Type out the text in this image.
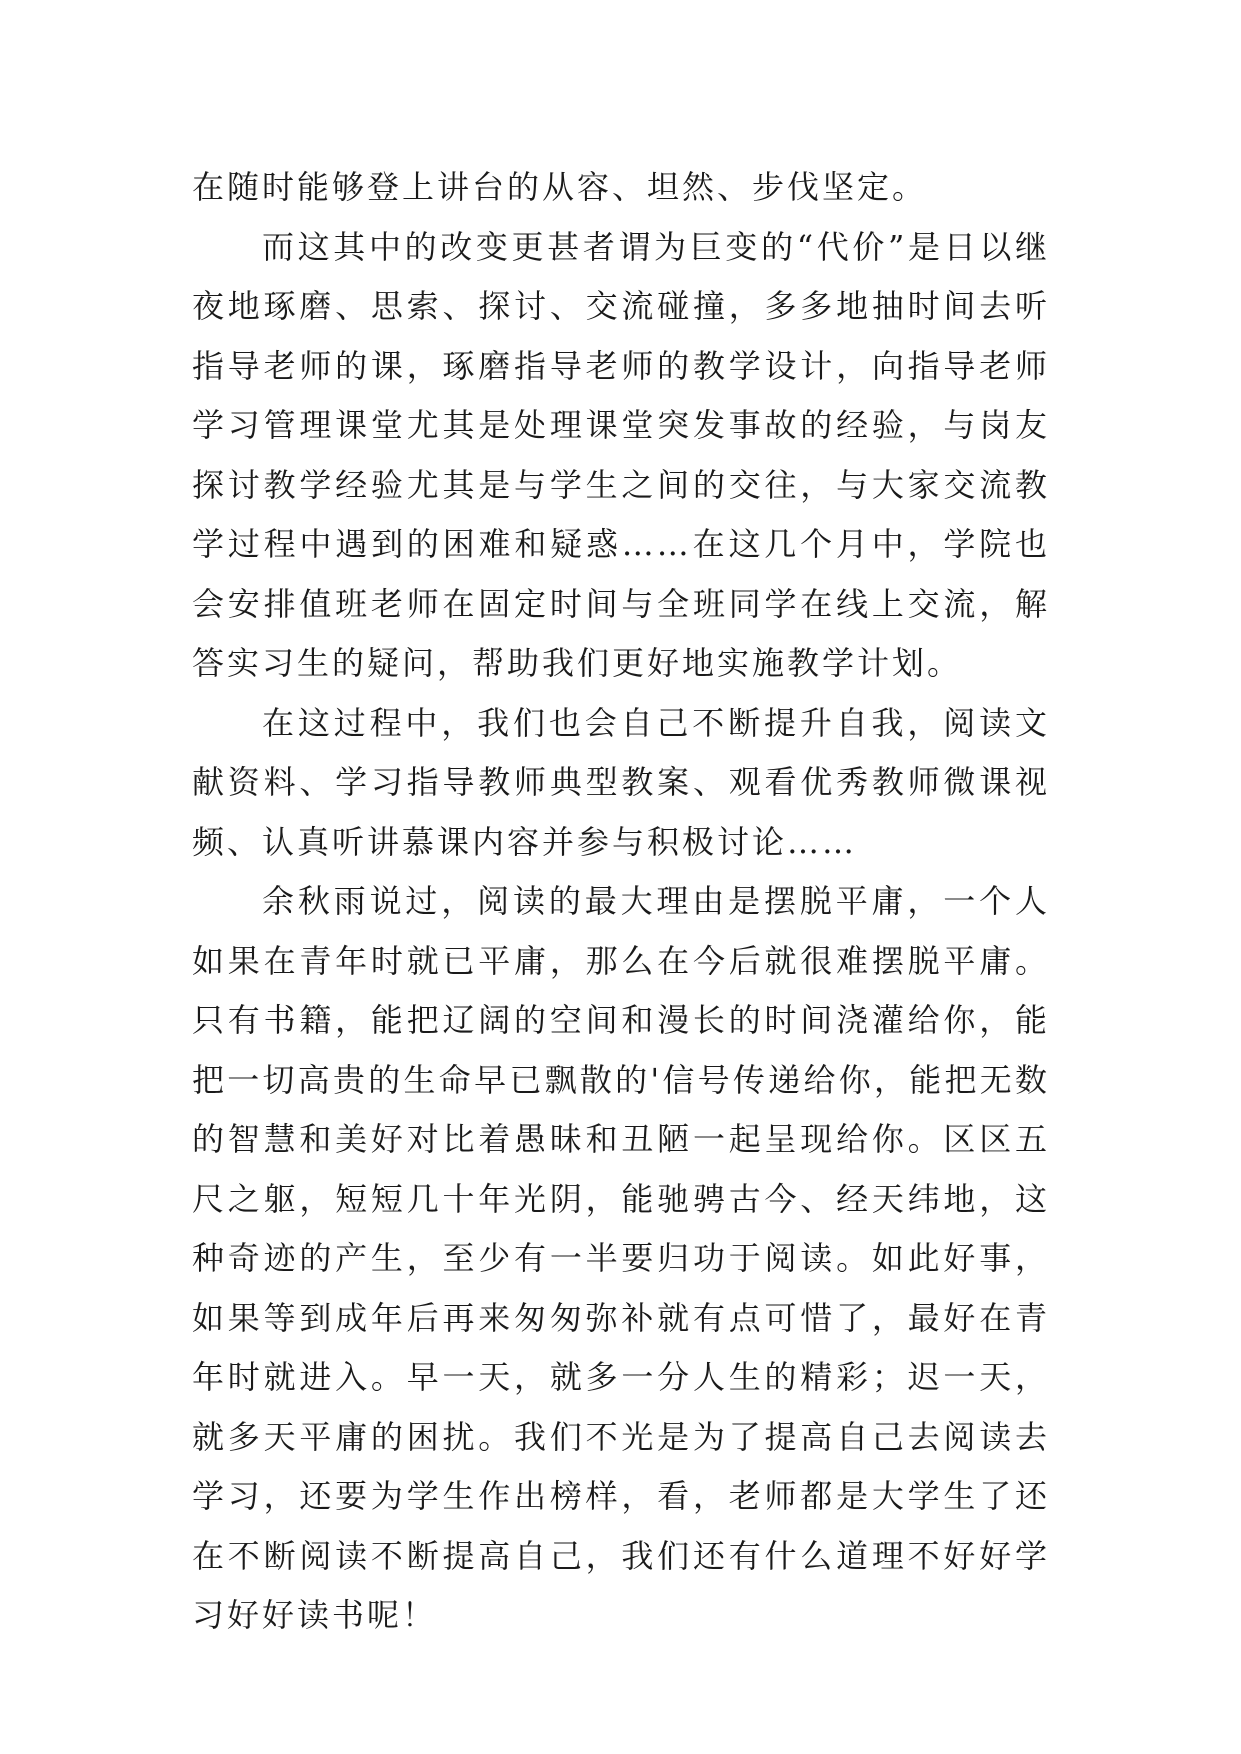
在随时能够登上讲台的从容、坦然、步伐坚定。

而这其中的改变更甚者谓为巨变的“代价”是日以继夜地琢磨、思索、探讨、交流碰撞，多多地抽时间去听指导老师的课，琢磨指导老师的教学设计，向指导老师学习管理课堂尤其是处理课堂突发事故的经验，与岗友探讨教学经验尤其是与学生之间的交往，与大家交流教学过程中遇到的困难和疑惑……在这几个月中，学院也会安排值班老师在固定时间与全班同学在线上交流，解答实习生的疑问，帮助我们更好地实施教学计划。

在这过程中，我们也会自己不断提升自我，阅读文献资料、学习指导教师典型教案、观看优秀教师微课视频、认真听讲慕课内容并参与积极讨论……

余秋雨说过，阅读的最大理由是摆脱平庸，一个人如果在青年时就已平庸，那么在今后就很难摆脱平庸。只有书籍，能把辽阔的空间和漫长的时间浇灌给你，能把一切高贵的生命早已飘散的'信号传递给你，能把无数的智慧和美好对比着愚昧和丑陋一起呈现给你。区区五尺之躯，短短几十年光阴，能驰骋古今、经天纬地，这种奇迹的产生，至少有一半要归功于阅读。如此好事，如果等到成年后再来匆匆弥补就有点可惜了，最好在青年时就进入。早一天，就多一分人生的精彩；迟一天，就多天平庸的困扰。我们不光是为了提高自己去阅读去学习，还要为学生作出榜样，看，老师都是大学生了还在不断阅读不断提高自己，我们还有什么道理不好好学习好好读书呢！
